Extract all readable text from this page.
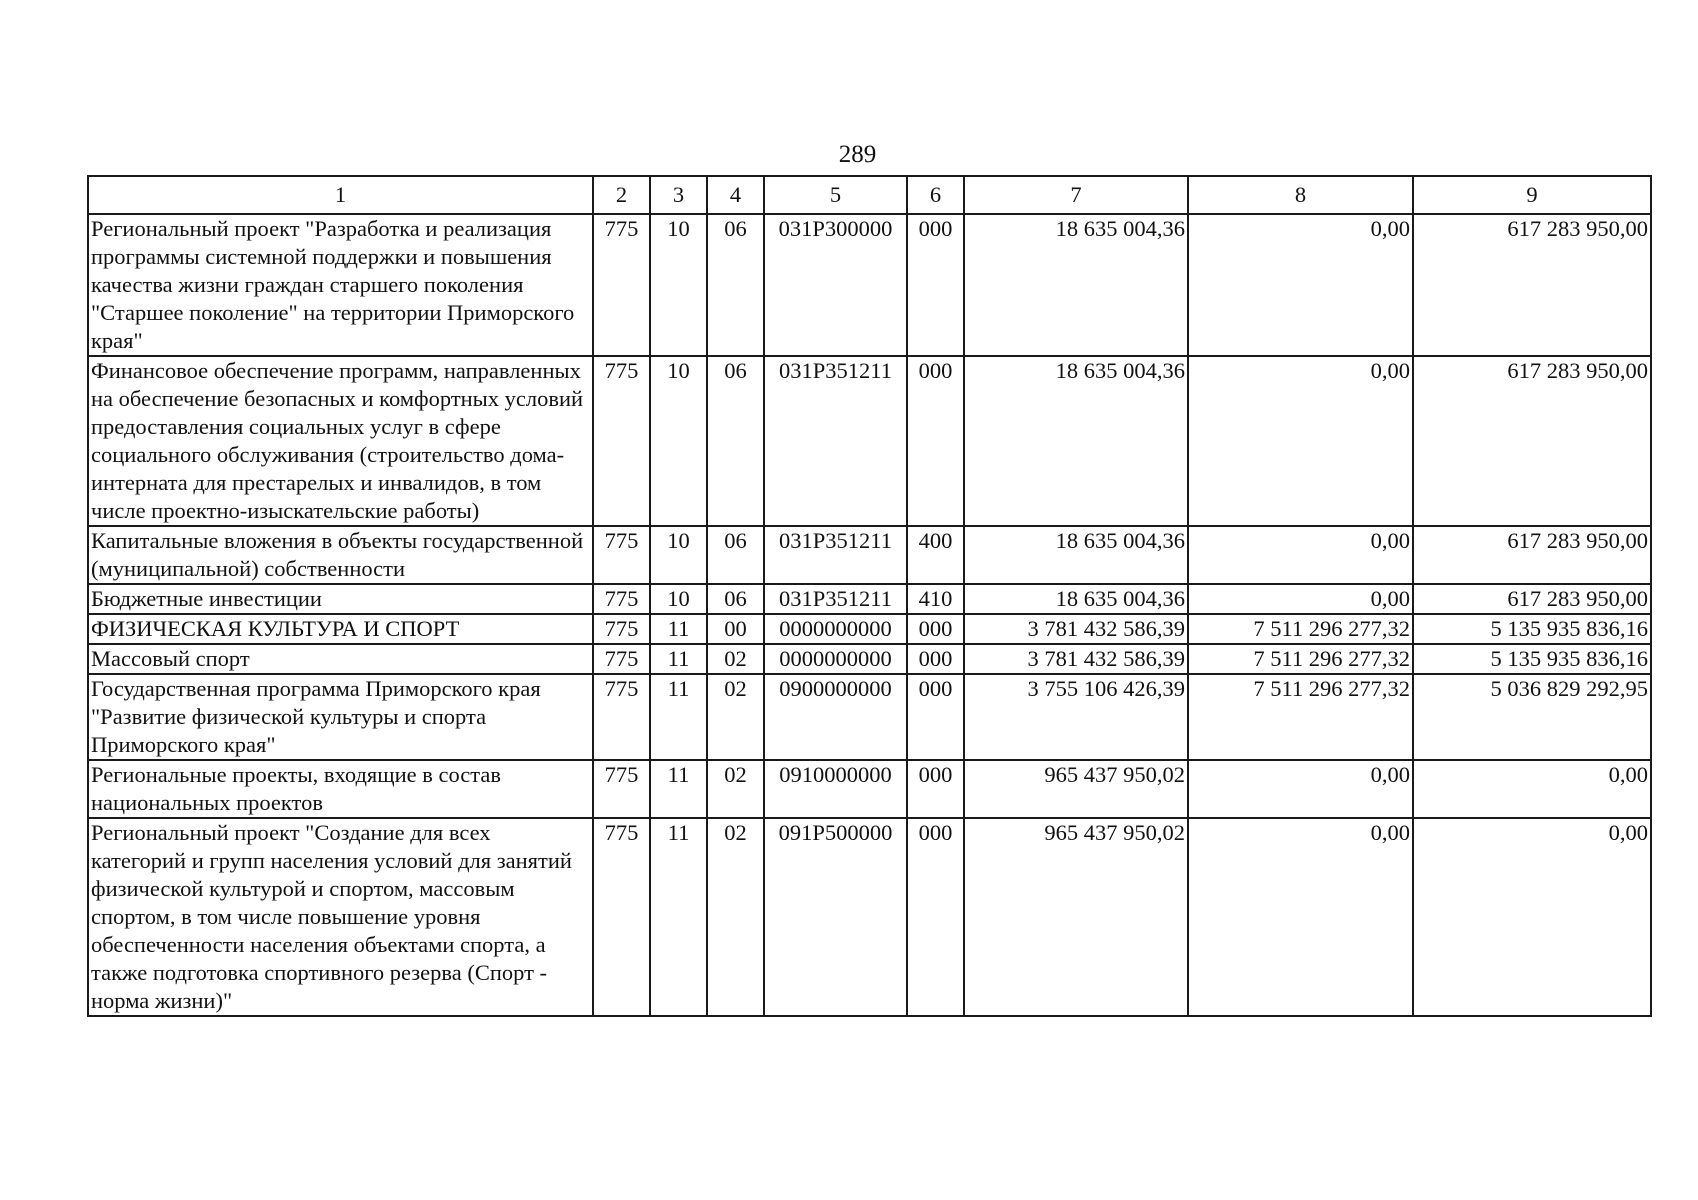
289
1	2	3	4	5	6	7	8	9
Региональный проект "Разработка и реализация программы системной поддержки и повышения качества жизни граждан старшего поколения "Старшее поколение" на территории Приморского края"	775	10	06	031P300000	000	18 635 004,36	0,00	617 283 950,00
Финансовое обеспечение программ, направленных на обеспечение безопасных и комфортных условий предоставления социальных услуг в сфере социального обслуживания (строительство дома-интерната для престарелых и инвалидов, в том числе проектно-изыскательские работы)	775	10	06	031P351211	000	18 635 004,36	0,00	617 283 950,00
Капитальные вложения в объекты государственной (муниципальной) собственности	775	10	06	031P351211	400	18 635 004,36	0,00	617 283 950,00
Бюджетные инвестиции	775	10	06	031P351211	410	18 635 004,36	0,00	617 283 950,00
ФИЗИЧЕСКАЯ КУЛЬТУРА И СПОРТ	775	11	00	0000000000	000	3 781 432 586,39	7 511 296 277,32	5 135 935 836,16
Массовый спорт	775	11	02	0000000000	000	3 781 432 586,39	7 511 296 277,32	5 135 935 836,16
Государственная программа Приморского края "Развитие физической культуры и спорта Приморского края"	775	11	02	0900000000	000	3 755 106 426,39	7 511 296 277,32	5 036 829 292,95
Региональные проекты, входящие в состав национальных проектов	775	11	02	0910000000	000	965 437 950,02	0,00	0,00
Региональный проект "Создание для всех категорий и групп населения условий для занятий физической культурой и спортом, массовым спортом, в том числе повышение уровня обеспеченности населения объектами спорта, а также подготовка спортивного резерва (Спорт - норма жизни)"	775	11	02	091P500000	000	965 437 950,02	0,00	0,00
